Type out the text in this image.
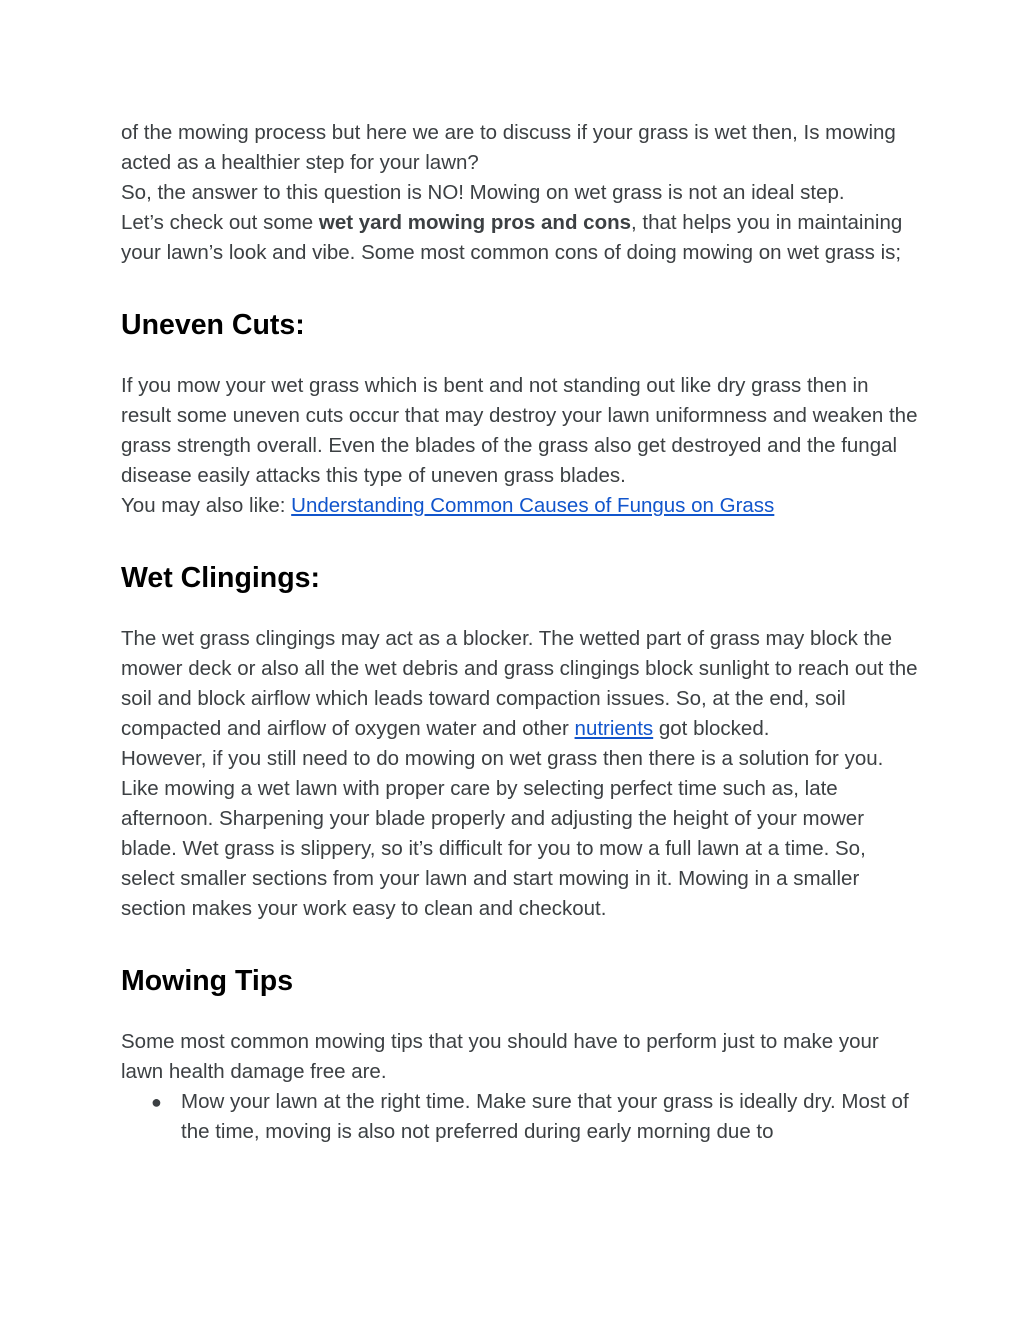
of the mowing process but here we are to discuss if your grass is wet then, Is mowing acted as a healthier step for your lawn?

So, the answer to this question is NO! Mowing on wet grass is not an ideal step.

Let’s check out some wet yard mowing pros and cons, that helps you in maintaining your lawn’s look and vibe. Some most common cons of doing mowing on wet grass is;

Uneven Cuts:

If you mow your wet grass which is bent and not standing out like dry grass then in result some uneven cuts occur that may destroy your lawn uniformness and weaken the grass strength overall. Even the blades of the grass also get destroyed and the fungal disease easily attacks this type of uneven grass blades.

You may also like: Understanding Common Causes of Fungus on Grass

Wet Clingings:

The wet grass clingings may act as a blocker. The wetted part of grass may block the mower deck or also all the wet debris and grass clingings block sunlight to reach out the soil and block airflow which leads toward compaction issues. So, at the end, soil compacted and airflow of oxygen water and other nutrients got blocked.

However, if you still need to do mowing on wet grass then there is a solution for you. Like mowing a wet lawn with proper care by selecting perfect time such as, late afternoon. Sharpening your blade properly and adjusting the height of your mower blade. Wet grass is slippery, so it’s difficult for you to mow a full lawn at a time. So, select smaller sections from your lawn and start mowing in it. Mowing in a smaller section makes your work easy to clean and checkout.

Mowing Tips

Some most common mowing tips that you should have to perform just to make your lawn health damage free are.

● Mow your lawn at the right time. Make sure that your grass is ideally dry. Most of the time, moving is also not preferred during early morning due to
